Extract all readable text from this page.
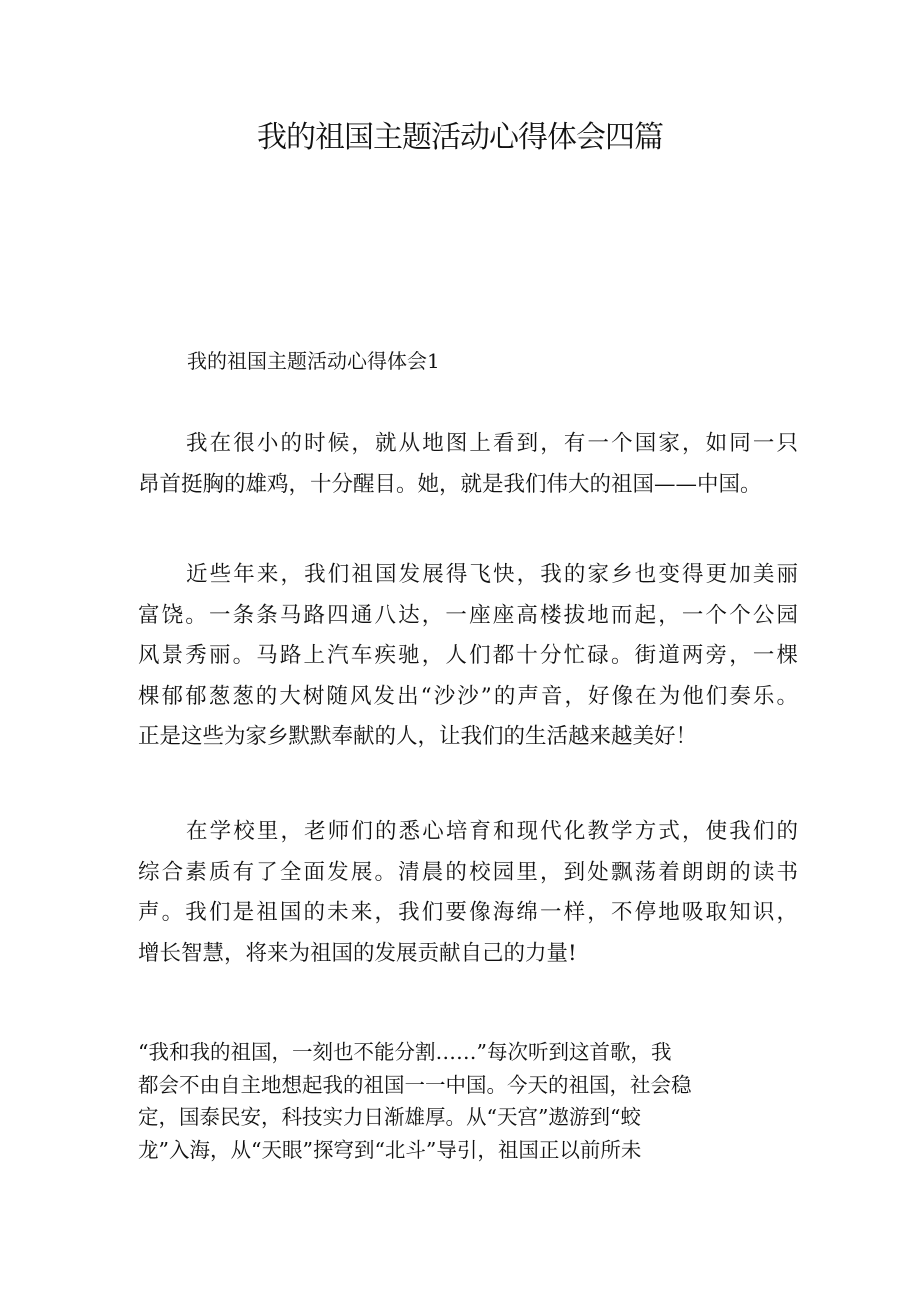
我的祖国主题活动心得体会四篇
我的祖国主题活动心得体会1
我在很小的时候，就从地图上看到，有一个国家，如同一只
昂首挺胸的雄鸡，十分醒目。她，就是我们伟大的祖国——中国。
近些年来，我们祖国发展得飞快，我的家乡也变得更加美丽
富饶。一条条马路四通八达，一座座高楼拔地而起，一个个公园
风景秀丽。马路上汽车疾驰，人们都十分忙碌。街道两旁，一棵
棵郁郁葱葱的大树随风发出“沙沙”的声音，好像在为他们奏乐。
正是这些为家乡默默奉献的人，让我们的生活越来越美好！
在学校里，老师们的悉心培育和现代化教学方式，使我们的
综合素质有了全面发展。清晨的校园里，到处飘荡着朗朗的读书
声。我们是祖国的未来，我们要像海绵一样，不停地吸取知识，
增长智慧，将来为祖国的发展贡献自己的力量!
“我和我的祖国，一刻也不能分割……”每次听到这首歌，我
都会不由自主地想起我的祖国一一中国。今天的祖国，社会稳
定，国泰民安，科技实力日渐雄厚。从“天宫”遨游到“蛟
龙”入海，从“天眼”探穹到“北斗”导引，祖国正以前所未
